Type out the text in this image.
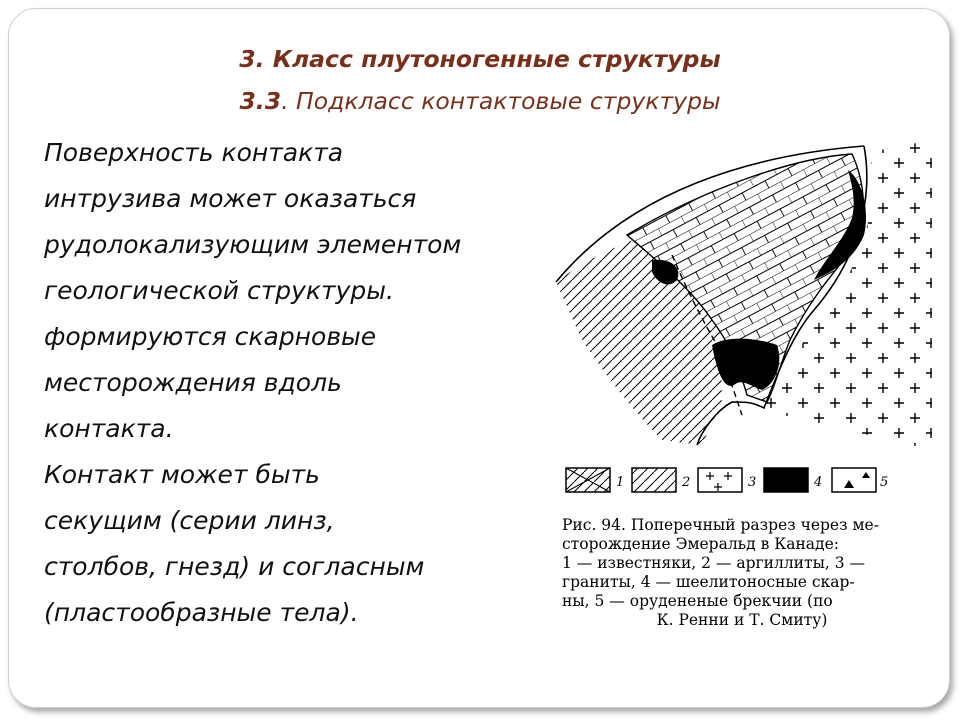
3. Класс плутоногенные структуры
3.3. Подкласс контактовые структуры
Поверхность контакта
интрузива может оказаться
рудолокализующим элементом
геологической структуры.
формируются скарновые
месторождения вдоль
контакта.
Контакт может быть
секущим (серии линз,
столбов, гнезд) и согласным
(пластообразные тела).
1	2	3	4	5
Рис. 94. Поперечный разрез через ме-
сторождение Эмеральд в Канаде:
1 — известняки, 2 — аргиллиты, 3 —
граниты, 4 — шеелитоносные скар-
ны, 5 — орудененые брекчии (по
К. Ренни и Т. Смиту)
